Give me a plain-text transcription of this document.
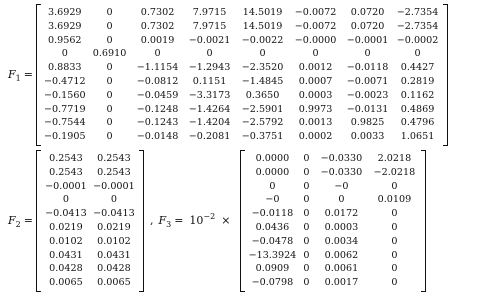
$F_1$ =
3.6929	0	0.7302	7.9715	14.5019	−0.0072	0.0720	−2.7354
3.6929	0	0.7302	7.9715	14.5019	−0.0072	0.0720	−2.7354
0.9562	0	0.0019	−0.0021	−0.0022	−0.0000	−0.0001	−0.0002
0	0.6910	0	0	0	0	0	0
0.8833	0	−1.1154	−1.2943	−2.3520	0.0012	−0.0118	0.4427
−0.4712	0	−0.0812	0.1151	−1.4845	0.0007	−0.0071	0.2819
−0.1560	0	−0.0459	−3.3173	0.3650	0.0003	−0.0023	0.1162
−0.7719	0	−0.1248	−1.4264	−2.5901	0.9973	−0.0131	0.4869
−0.7544	0	−0.1243	−1.4204	−2.5792	0.0013	0.9825	0.4796
−0.1905	0	−0.0148	−0.2081	−0.3751	0.0002	0.0033	1.0651
$F_2$ =
0.2543	0.2543
0.2543	0.2543
−0.0001	−0.0001
0	0
−0.0413	−0.0413
0.0219	0.0219
0.0102	0.0102
0.0431	0.0431
0.0428	0.0428
0.0065	0.0065
, $F_3 = 10^{-2}$ ×
0.0000	0	−0.0330	2.0218
0.0000	0	−0.0330	−2.0218
0	0	−0	0
−0	0	0	0.0109
−0.0118	0	0.0172	0
0.0436	0	0.0003	0
−0.0478	0	0.0034	0
−13.3924	0	0.0062	0
0.0909	0	0.0061	0
−0.0798	0	0.0017	0
